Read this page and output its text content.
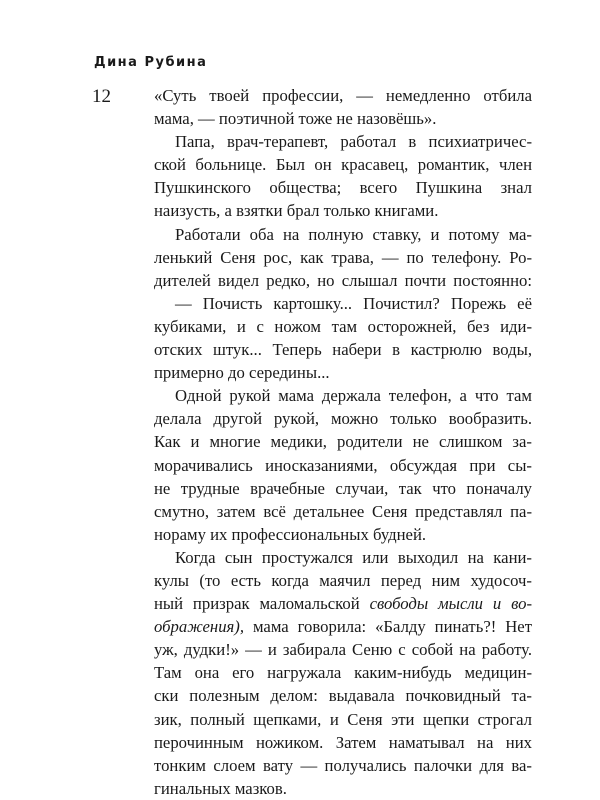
Дина Рубина
12	«Суть твоей профессии, — немедленно отбила
мама, — поэтичной тоже не назовёшь».
Папа, врач-терапевт, работал в психиатричес-
ской больнице. Был он красавец, романтик, член
Пушкинского общества; всего Пушкина знал
наизусть, а взятки брал только книгами.
Работали оба на полную ставку, и потому ма-
ленький Сеня рос, как трава, — по телефону. Ро-
дителей видел редко, но слышал почти постоянно:
— Почисть картошку... Почистил? Порежь её
кубиками, и с ножом там осторожней, без иди-
отских штук... Теперь набери в кастрюлю воды,
примерно до середины...
Одной рукой мама держала телефон, а что там
делала другой рукой, можно только вообразить.
Как и многие медики, родители не слишком за-
морачивались иносказаниями, обсуждая при сы-
не трудные врачебные случаи, так что поначалу
смутно, затем всё детальнее Сеня представлял па-
нораму их профессиональных будней.
Когда сын простужался или выходил на кани-
кулы (то есть когда маячил перед ним худосоч-
ный призрак маломальской свободы мысли и во-
ображения), мама говорила: «Балду пинать?! Нет
уж, дудки!» — и забирала Сеню с собой на работу.
Там она его нагружала каким-нибудь медицин-
ски полезным делом: выдавала почковидный та-
зик, полный щепками, и Сеня эти щепки строгал
перочинным ножиком. Затем наматывал на них
тонким слоем вату — получались палочки для ва-
гинальных мазков.
